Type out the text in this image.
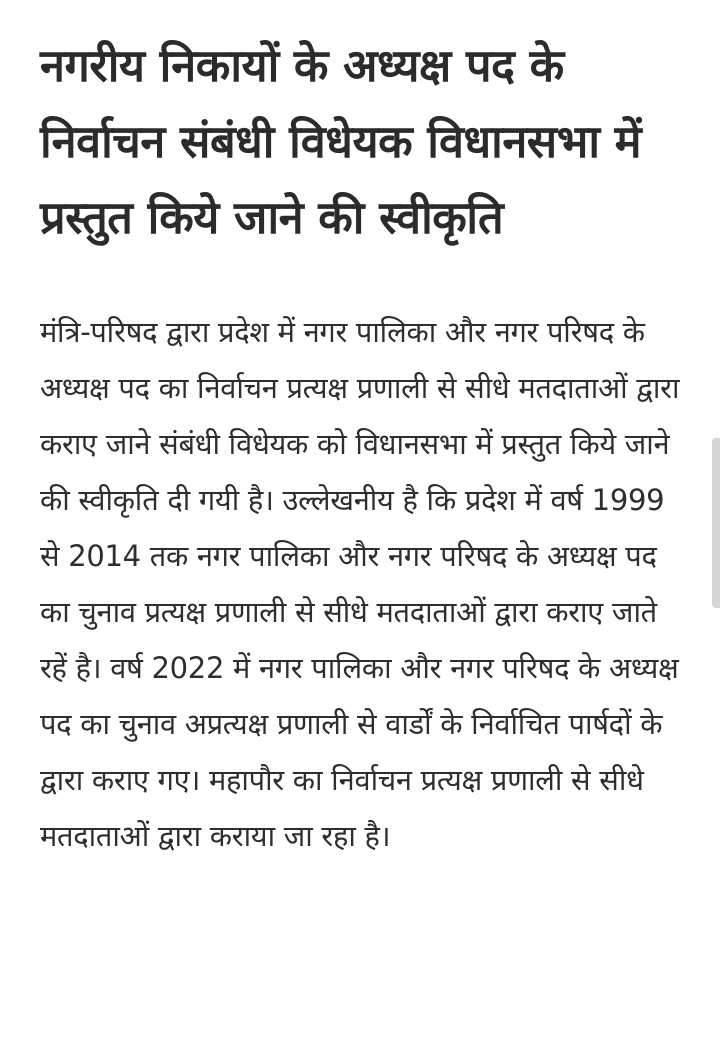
नगरीय निकायों के अध्यक्ष पद के निर्वाचन संबंधी विधेयक विधानसभा में प्रस्तुत किये जाने की स्वीकृति

मंत्रि-परिषद द्वारा प्रदेश में नगर पालिका और नगर परिषद के अध्यक्ष पद का निर्वाचन प्रत्यक्ष प्रणाली से सीधे मतदाताओं द्वारा कराए जाने संबंधी विधेयक को विधानसभा में प्रस्तुत किये जाने की स्वीकृति दी गयी है। उल्लेखनीय है कि प्रदेश में वर्ष 1999 से 2014 तक नगर पालिका और नगर परिषद के अध्यक्ष पद का चुनाव प्रत्यक्ष प्रणाली से सीधे मतदाताओं द्वारा कराए जाते रहें है। वर्ष 2022 में नगर पालिका और नगर परिषद के अध्यक्ष पद का चुनाव अप्रत्यक्ष प्रणाली से वार्डों के निर्वाचित पार्षदों के द्वारा कराए गए। महापौर का निर्वाचन प्रत्यक्ष प्रणाली से सीधे मतदाताओं द्वारा कराया जा रहा है।
